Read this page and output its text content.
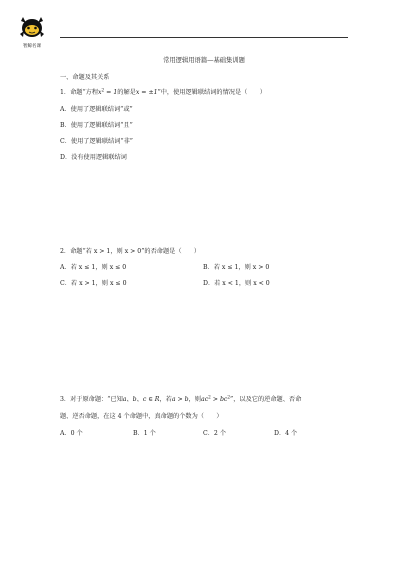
智鲸名课
常用逻辑用语篇—基础集训题
一、命题及其关系
1．命题“方程$x^2 = 1$的解是x = ±1”中，使用逻辑联结词的情况是（　　）
A．使用了逻辑联结词“或”
B．使用了逻辑联结词“且”
C．使用了逻辑联结词“非”
D．没有使用逻辑联结词
2．命题“若 x > 1，则 x > 0”的否命题是（　　）
A．若 x ≤ 1，则 x ≤ 0	B．若 x ≤ 1，则 x > 0
C．若 x > 1，则 x ≤ 0	D．若 x < 1，则 x < 0
3．对于原命题：“已知a、b、c ∈ R，若a > b，则$ac^2 > bc^2$”，以及它的逆命题、否命
题、逆否命题，在这 4 个命题中，真命题的个数为（　　）
A．0 个	B．1 个	C．2 个	D．4 个
